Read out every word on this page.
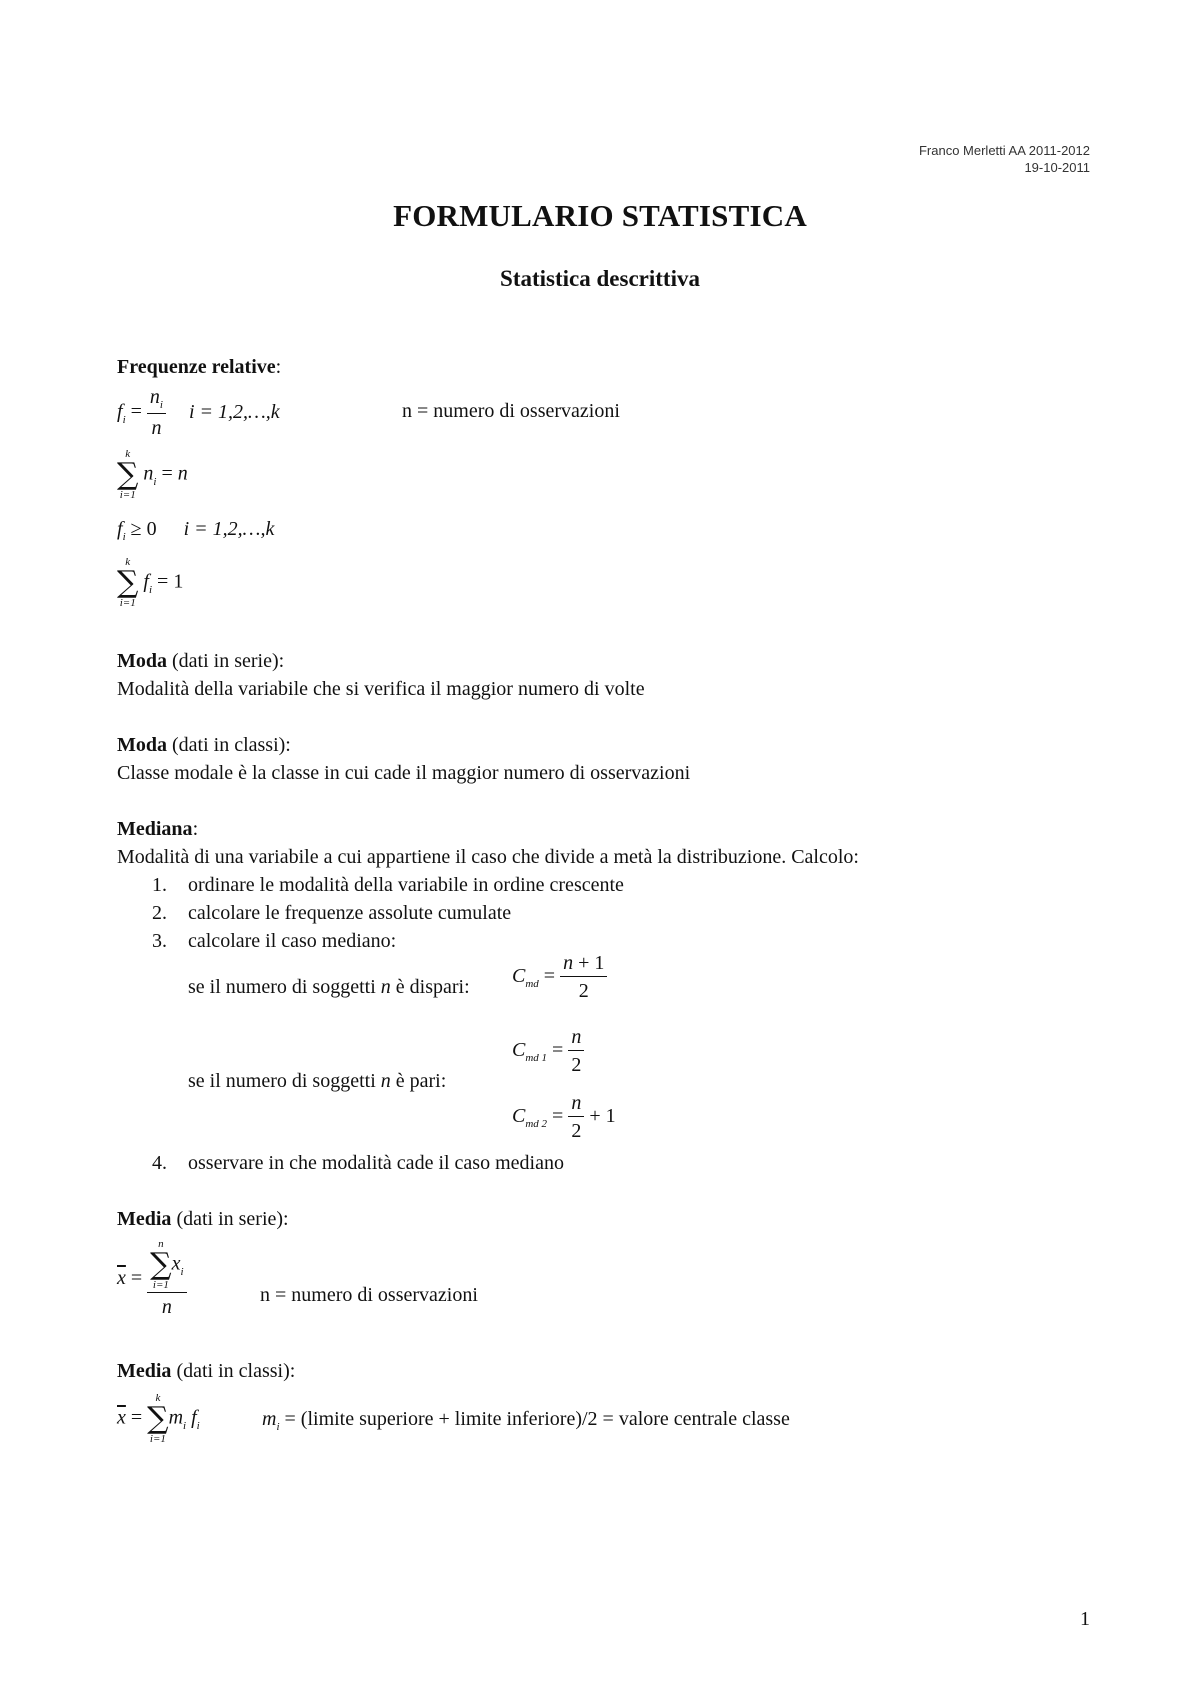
Franco Merletti AA 2011-2012
19-10-2011
FORMULARIO STATISTICA
Statistica descrittiva
Frequenze relative:
$f_i = \frac{n_i}{n}$ i = 1,2,…,k	n = numero di osservazioni
k
∑
i=1
$n_i = n$
$f_i \ge 0$ i = 1,2,…,k
k
∑
i=1
$f_i = 1$
Moda (dati in serie):
Modalità della variabile che si verifica il maggior numero di volte
Moda (dati in classi):
Classe modale è la classe in cui cade il maggior numero di osservazioni
Mediana:
Modalità di una variabile a cui appartiene il caso che divide a metà la distribuzione. Calcolo:
1. ordinare le modalità della variabile in ordine crescente
2. calcolare le frequenze assolute cumulate
3. calcolare il caso mediano:
se il numero di soggetti n è dispari: $C_{md} = \frac{n + 1}{2}$
$C_{md 1} = \frac{n}{2}$
se il numero di soggetti n è pari:
$C_{md 2} = \frac{n}{2} + 1$
4. osservare in che modalità cade il caso mediano
Media (dati in serie):
$\overline{x} = n$
∑
i=1
$x_i$
n	n = numero di osservazioni
Media (dati in classi):
$\overline{x}$ =
k
∑
i=1
$m_i$ $f_i$	$m_i$ = (limite superiore + limite inferiore)/2 = valore centrale classe
1
